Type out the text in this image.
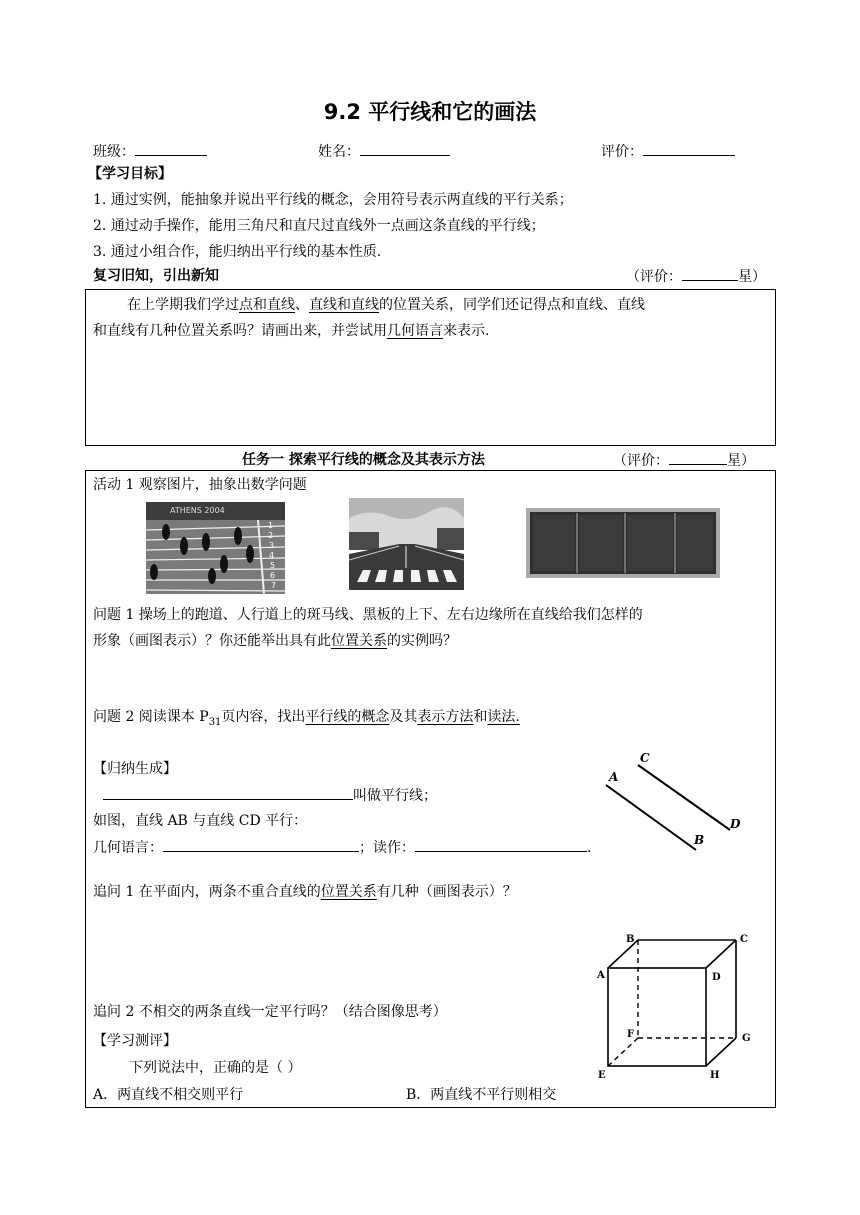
9.2 平行线和它的画法
班级：	姓名：	评价：
【学习目标】
1. 通过实例，能抽象并说出平行线的概念，会用符号表示两直线的平行关系；
2. 通过动手操作，能用三角尺和直尺过直线外一点画这条直线的平行线；
3. 通过小组合作，能归纳出平行线的基本性质.
复习旧知，引出新知	（评价：	星）
在上学期我们学过点和直线、直线和直线的位置关系，同学们还记得点和直线、直线
和直线有几种位置关系吗？请画出来，并尝试用几何语言来表示.
任务一 探索平行线的概念及其表示方法	（评价：	星）
活动 1 观察图片，抽象出数学问题
ATHENS 2004
1
2
3
4
5
6
7
问题 1 操场上的跑道、人行道上的斑马线、黑板的上下、左右边缘所在直线给我们怎样的
形象（画图表示）？你还能举出具有此位置关系的实例吗？
问题 2 阅读课本 $P_{31}$页内容，找出平行线的概念及其表示方法和读法.
【归纳生成】
叫做平行线；
如图，直线 AB 与直线 CD 平行：
几何语言：	；读作：	.
A
C
B
D
追问 1 在平面内，两条不重合直线的位置关系有几种（画图表示）？
B	C
A	D
F	G
E	H
追问 2 不相交的两条直线一定平行吗？（结合图像思考）
【学习测评】
下列说法中，正确的是（ ）
A．两直线不相交则平行	B．两直线不平行则相交
